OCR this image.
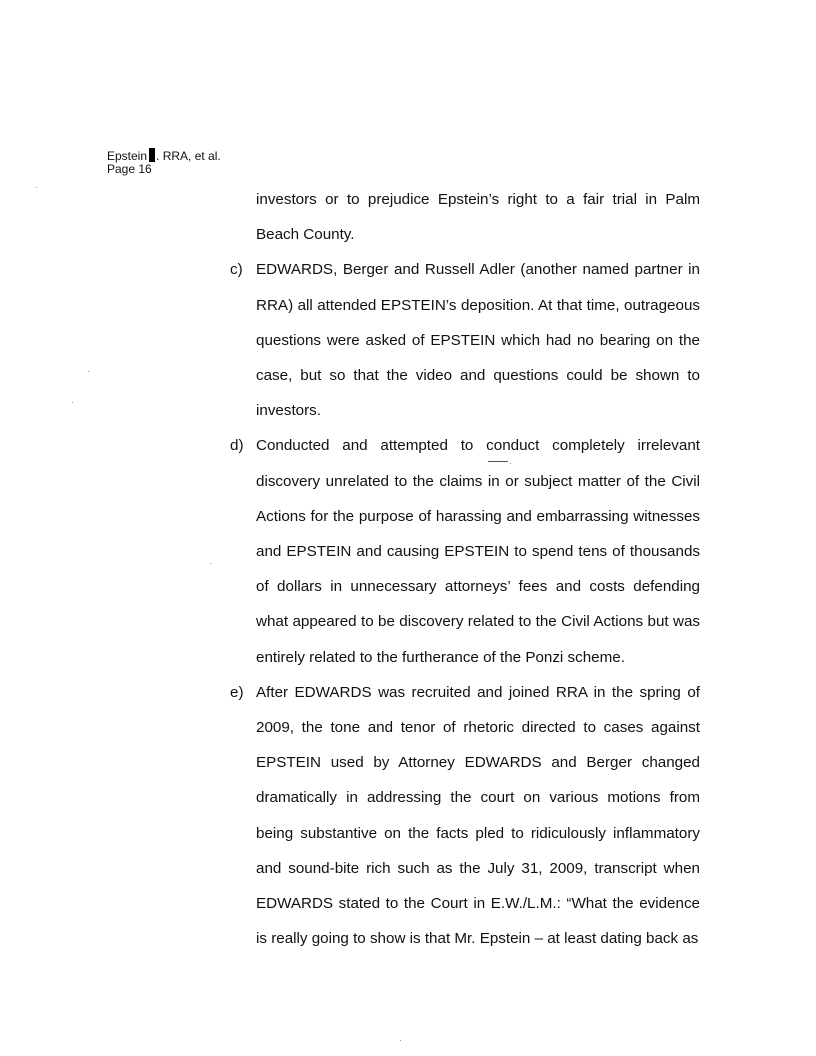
Epstein . RRA, et al.
Page 16

investors or to prejudice Epstein’s right to a fair trial in Palm Beach County.

c) EDWARDS, Berger and Russell Adler (another named partner in RRA) all attended EPSTEIN’s deposition. At that time, outrageous questions were asked of EPSTEIN which had no bearing on the case, but so that the video and questions could be shown to investors.
d) Conducted and attempted to conduct completely irrelevant discovery unrelated to the claims in or subject matter of the Civil Actions for the purpose of harassing and embarrassing witnesses and EPSTEIN and causing EPSTEIN to spend tens of thousands of dollars in unnecessary attorneys’ fees and costs defending what appeared to be discovery related to the Civil Actions but was entirely related to the furtherance of the Ponzi scheme.
e) After EDWARDS was recruited and joined RRA in the spring of 2009, the tone and tenor of rhetoric directed to cases against EPSTEIN used by Attorney EDWARDS and Berger changed dramatically in addressing the court on various motions from being substantive on the facts pled to ridiculously inflammatory and sound-bite rich such as the July 31, 2009, transcript when EDWARDS stated to the Court in E.W./L.M.: “What the evidence is really going to show is that Mr. Epstein – at least dating back as
